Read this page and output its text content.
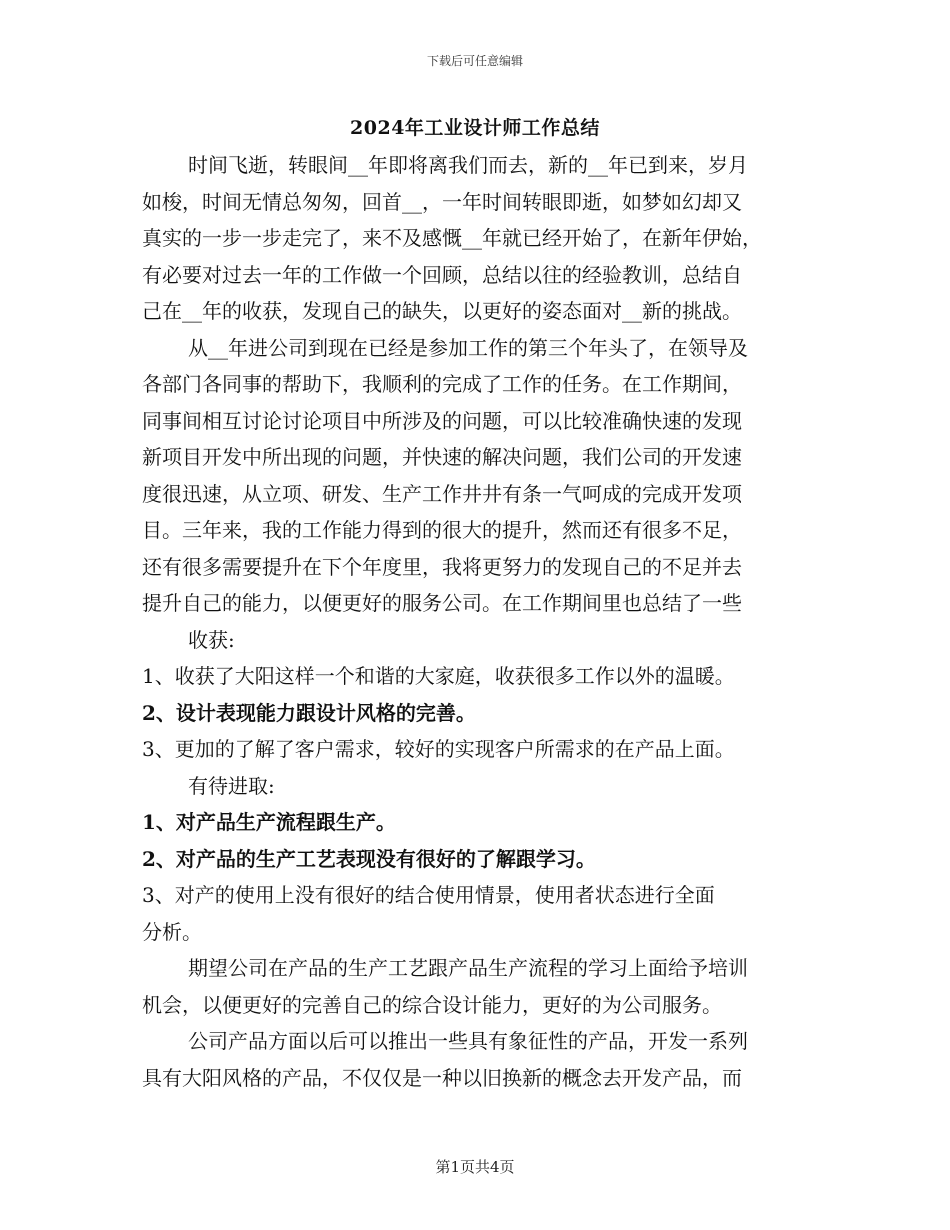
下载后可任意编辑
2024年工业设计师工作总结
时间飞逝，转眼间__年即将离我们而去，新的__年已到来，岁月
如梭，时间无情总匆匆，回首__，一年时间转眼即逝，如梦如幻却又
真实的一步一步走完了，来不及感慨__年就已经开始了，在新年伊始，
有必要对过去一年的工作做一个回顾，总结以往的经验教训，总结自
己在__年的收获，发现自己的缺失，以更好的姿态面对__新的挑战。
从__年进公司到现在已经是参加工作的第三个年头了，在领导及
各部门各同事的帮助下，我顺利的完成了工作的任务。在工作期间，
同事间相互讨论讨论项目中所涉及的问题，可以比较准确快速的发现
新项目开发中所出现的问题，并快速的解决问题，我们公司的开发速
度很迅速，从立项、研发、生产工作井井有条一气呵成的完成开发项
目。三年来，我的工作能力得到的很大的提升，然而还有很多不足，
还有很多需要提升在下个年度里，我将更努力的发现自己的不足并去
提升自己的能力，以便更好的服务公司。在工作期间里也总结了一些
收获:
1、收获了大阳这样一个和谐的大家庭，收获很多工作以外的温暖。
2、设计表现能力跟设计风格的完善。
3、更加的了解了客户需求，较好的实现客户所需求的在产品上面。
有待进取:
1、对产品生产流程跟生产。
2、对产品的生产工艺表现没有很好的了解跟学习。
3、对产的使用上没有很好的结合使用情景，使用者状态进行全面
分析。
期望公司在产品的生产工艺跟产品生产流程的学习上面给予培训
机会，以便更好的完善自己的综合设计能力，更好的为公司服务。
公司产品方面以后可以推出一些具有象征性的产品，开发一系列
具有大阳风格的产品，不仅仅是一种以旧换新的概念去开发产品，而
第1页共4页
